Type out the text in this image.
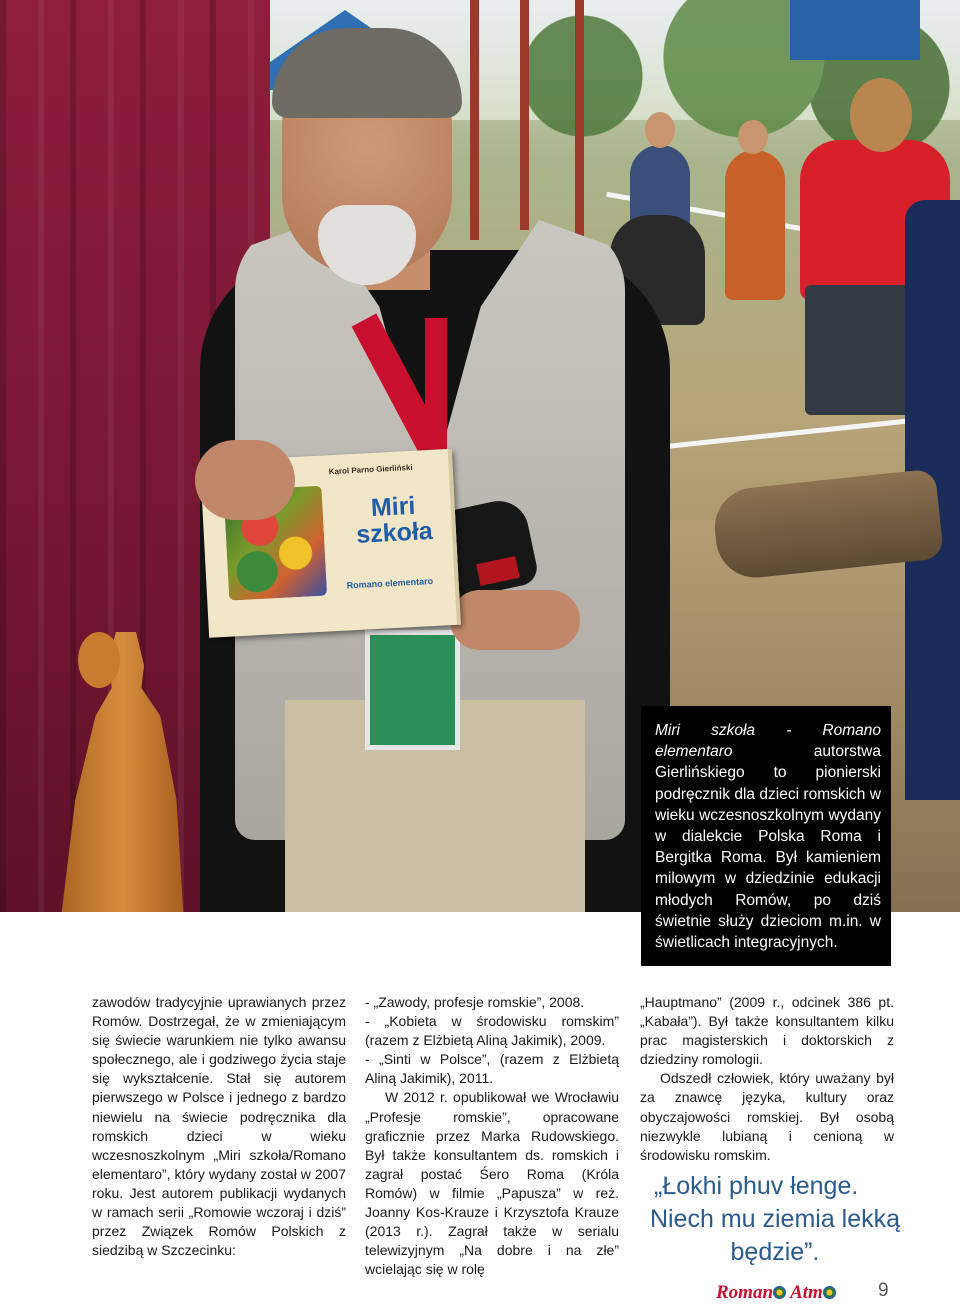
Karol Parno Gierliński
Miri szkoła
Romano elementaro
Miri szkoła - Romano elementaro autorstwa Gierlińskiego to pionierski podręcznik dla dzieci romskich w wieku wczesnoszkolnym wydany w dialekcie Polska Roma i Bergitka Roma. Był kamieniem milowym w dziedzinie edukacji młodych Romów, po dziś świetnie służy dzieciom m.in. w świetlicach integracyjnych.

zawodów tradycyjnie uprawianych przez Romów. Dostrzegał, że w zmieniającym się świecie warunkiem nie tylko awansu społecznego, ale i godziwego życia staje się wykształcenie. Stał się autorem pierwszego w Polsce i jednego z bardzo niewielu na świecie podręcznika dla romskich dzieci w wieku wczesnoszkolnym „Miri szkoła/Romano elementaro”, który wydany został w 2007 roku. Jest autorem publikacji wydanych w ramach serii „Romowie wczoraj i dziś” przez Związek Romów Polskich z siedzibą w Szczecinku:

- „Zawody, profesje romskie”, 2008.

- „Kobieta w środowisku romskim” (razem z Elżbietą Aliną Jakimik), 2009.

- „Sinti w Polsce”, (razem z Elżbietą Aliną Jakimik), 2011.

W 2012 r. opublikował we Wrocławiu „Profesje romskie”, opracowane graficznie przez Marka Rudowskiego. Był także konsultantem ds. romskich i zagrał postać Śero Roma (Króla Romów) w filmie „Papusza” w reż. Joanny Kos-Krauze i Krzysztofa Krauze (2013 r.). Zagrał także w serialu telewizyjnym „Na dobre i na złe” wcielając się w rolę

„Hauptmano” (2009 r., odcinek 386 pt. „Kabała”). Był także konsultantem kilku prac magisterskich i doktorskich z dziedziny romologii.

Odszedł człowiek, który uważany był za znawcę języka, kultury oraz obyczajowości romskiej. Był osobą niezwykle lubianą i cenioną w środowisku romskim.

„Łokhi phuv łenge.
Niech mu ziemia lekką będzie”.
Roman Atm	9
